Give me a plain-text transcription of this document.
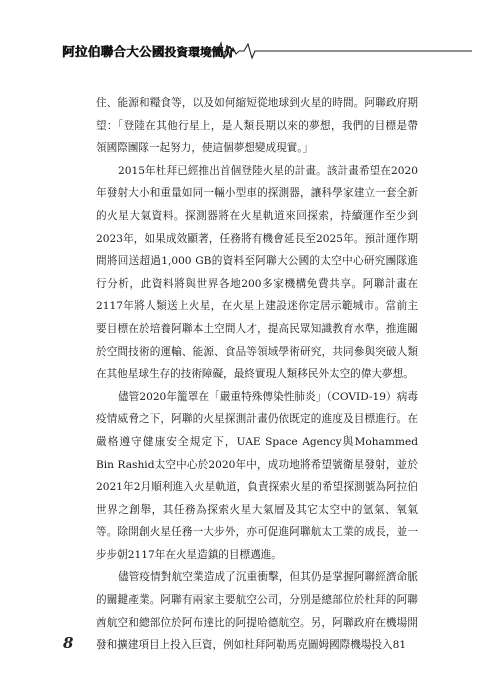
阿拉伯聯合大公國投資環境簡介

住、能源和糧食等，以及如何縮短從地球到火星的時間。阿聯政府期望：「登陸在其他行星上，是人類長期以來的夢想，我們的目標是帶領國際團隊一起努力，使這個夢想變成現實。」

2015年杜拜已經推出首個登陸火星的計畫。該計畫希望在2020年發射大小和重量如同一輛小型車的探測器，讓科學家建立一套全新的火星大氣資料。探測器將在火星軌道來回探索，持續運作至少到2023年，如果成效顯著，任務將有機會延長至2025年。預計運作期間將回送超過1,000 GB的資料至阿聯大公國的太空中心研究團隊進行分析，此資料將與世界各地200多家機構免費共享。阿聯計畫在2117年將人類送上火星，在火星上建設迷你定居示範城市。當前主要目標在於培養阿聯本土空間人才，提高民眾知識教育水準，推進關於空間技術的運輸、能源、食品等領域學術研究，共同參與突破人類在其他星球生存的技術障礙，最終實現人類移民外太空的偉大夢想。

儘管2020年籠罩在「嚴重特殊傳染性肺炎」（COVID-19）病毒疫情威脅之下，阿聯的火星探測計畫仍依既定的進度及目標進行。在嚴格遵守健康安全規定下，UAE Space Agency與Mohammed Bin Rashid太空中心於2020年中，成功地將希望號衛星發射，並於2021年2月順利進入火星軌道，負責探索火星的希望探測號為阿拉伯世界之創舉，其任務為探索火星大氣層及其它太空中的氫氣、氧氣等。除開創火星任務一大步外，亦可促進阿聯航太工業的成長，並一步步朝2117年在火星造鎮的目標邁進。

儘管疫情對航空業造成了沉重衝擊，但其仍是掌握阿聯經濟命脈的關鍵產業。阿聯有兩家主要航空公司，分別是總部位於杜拜的阿聯酋航空和總部位於阿布達比的阿提哈德航空。另，阿聯政府在機場開發和擴建項目上投入巨資，例如杜拜阿勒馬克圖姆國際機場投入81

8
